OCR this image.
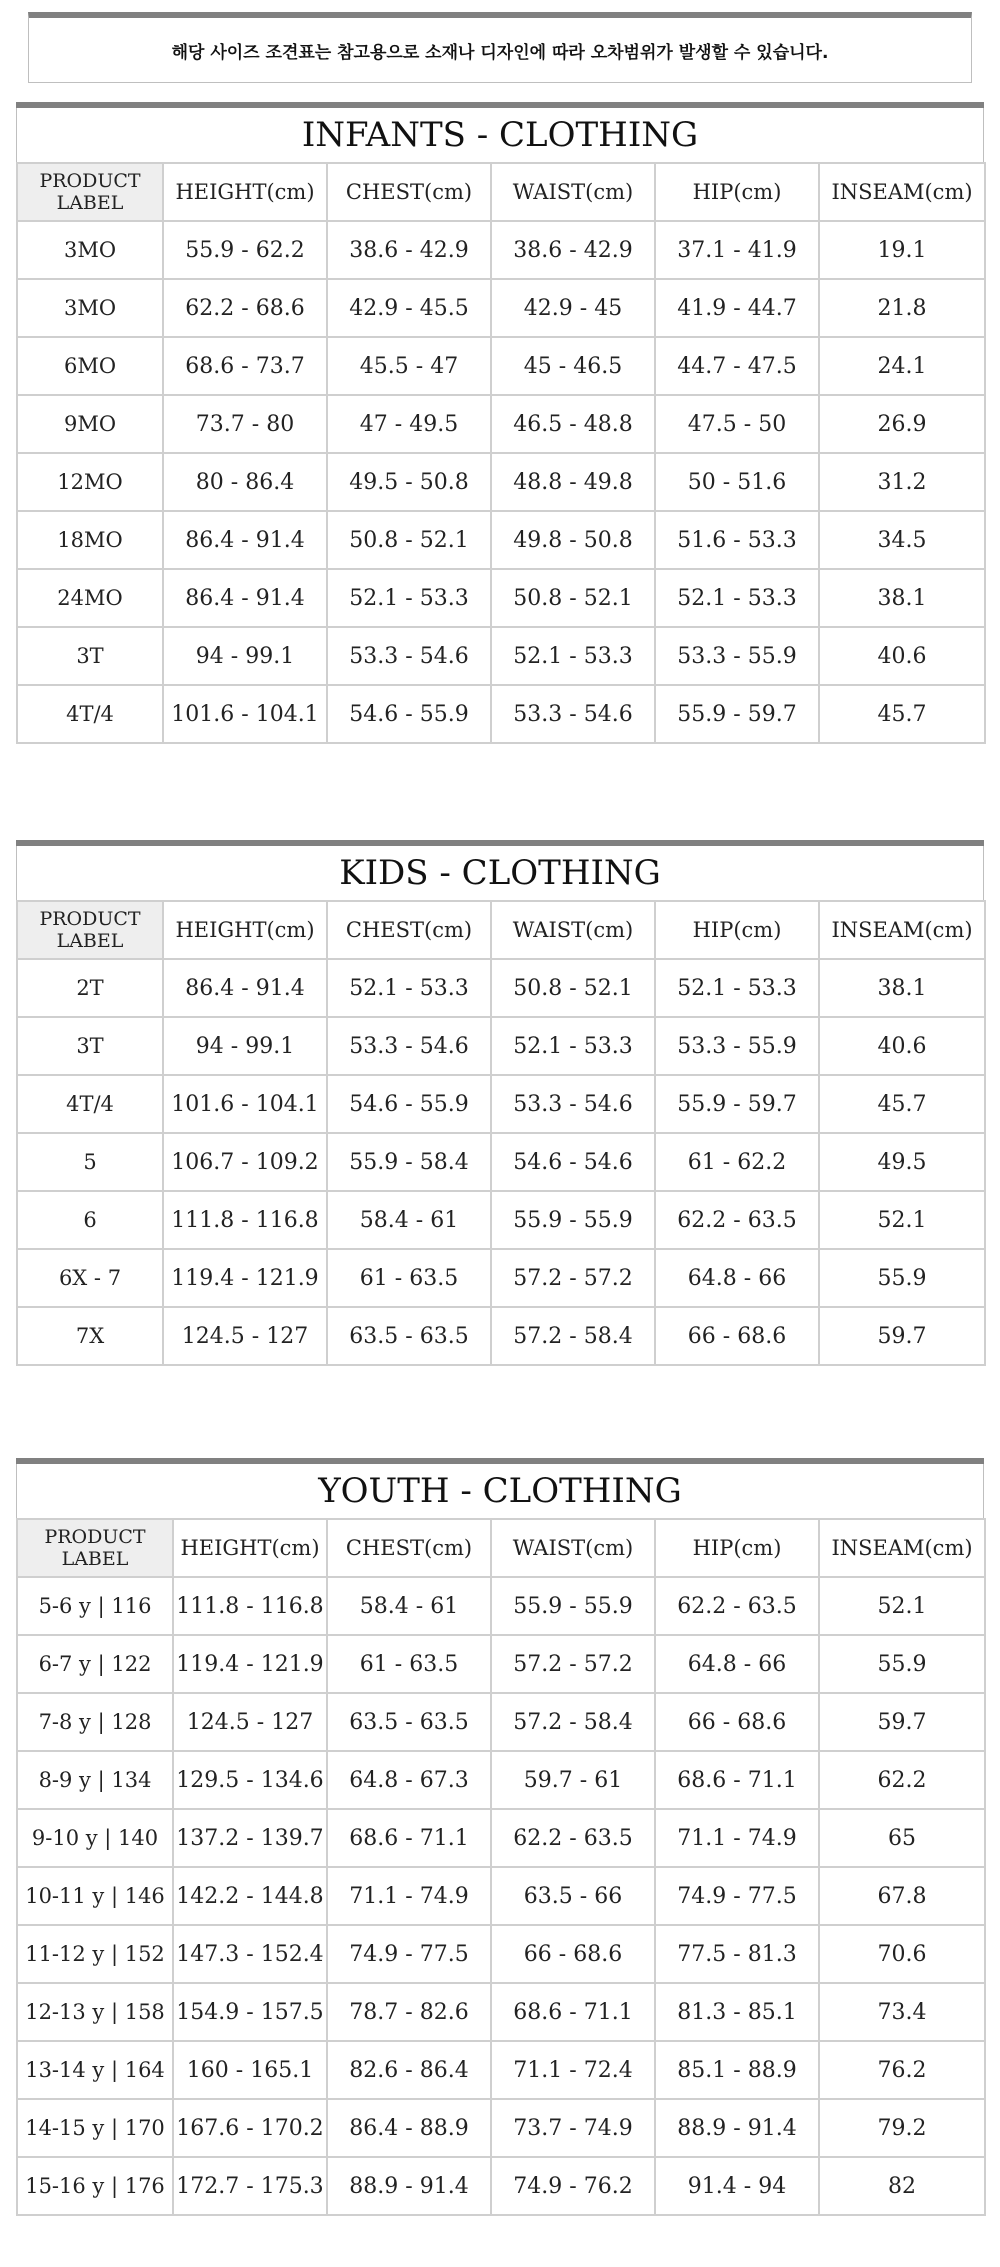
해당 사이즈 조견표는 참고용으로 소재나 디자인에 따라 오차범위가 발생할 수 있습니다.
INFANTS - CLOTHING
PRODUCT
LABEL	HEIGHT(cm)	CHEST(cm)	WAIST(cm)	HIP(cm)	INSEAM(cm)
3MO	55.9 - 62.2	38.6 - 42.9	38.6 - 42.9	37.1 - 41.9	19.1
3MO	62.2 - 68.6	42.9 - 45.5	42.9 - 45	41.9 - 44.7	21.8
6MO	68.6 - 73.7	45.5 - 47	45 - 46.5	44.7 - 47.5	24.1
9MO	73.7 - 80	47 - 49.5	46.5 - 48.8	47.5 - 50	26.9
12MO	80 - 86.4	49.5 - 50.8	48.8 - 49.8	50 - 51.6	31.2
18MO	86.4 - 91.4	50.8 - 52.1	49.8 - 50.8	51.6 - 53.3	34.5
24MO	86.4 - 91.4	52.1 - 53.3	50.8 - 52.1	52.1 - 53.3	38.1
3T	94 - 99.1	53.3 - 54.6	52.1 - 53.3	53.3 - 55.9	40.6
4T/4	101.6 - 104.1	54.6 - 55.9	53.3 - 54.6	55.9 - 59.7	45.7
KIDS - CLOTHING
PRODUCT
LABEL	HEIGHT(cm)	CHEST(cm)	WAIST(cm)	HIP(cm)	INSEAM(cm)
2T	86.4 - 91.4	52.1 - 53.3	50.8 - 52.1	52.1 - 53.3	38.1
3T	94 - 99.1	53.3 - 54.6	52.1 - 53.3	53.3 - 55.9	40.6
4T/4	101.6 - 104.1	54.6 - 55.9	53.3 - 54.6	55.9 - 59.7	45.7
5	106.7 - 109.2	55.9 - 58.4	54.6 - 54.6	61 - 62.2	49.5
6	111.8 - 116.8	58.4 - 61	55.9 - 55.9	62.2 - 63.5	52.1
6X - 7	119.4 - 121.9	61 - 63.5	57.2 - 57.2	64.8 - 66	55.9
7X	124.5 - 127	63.5 - 63.5	57.2 - 58.4	66 - 68.6	59.7
YOUTH - CLOTHING
PRODUCT
LABEL	HEIGHT(cm)	CHEST(cm)	WAIST(cm)	HIP(cm)	INSEAM(cm)
5-6 y | 116	111.8 - 116.8	58.4 - 61	55.9 - 55.9	62.2 - 63.5	52.1
6-7 y | 122	119.4 - 121.9	61 - 63.5	57.2 - 57.2	64.8 - 66	55.9
7-8 y | 128	124.5 - 127	63.5 - 63.5	57.2 - 58.4	66 - 68.6	59.7
8-9 y | 134	129.5 - 134.6	64.8 - 67.3	59.7 - 61	68.6 - 71.1	62.2
9-10 y | 140	137.2 - 139.7	68.6 - 71.1	62.2 - 63.5	71.1 - 74.9	65
10-11 y | 146	142.2 - 144.8	71.1 - 74.9	63.5 - 66	74.9 - 77.5	67.8
11-12 y | 152	147.3 - 152.4	74.9 - 77.5	66 - 68.6	77.5 - 81.3	70.6
12-13 y | 158	154.9 - 157.5	78.7 - 82.6	68.6 - 71.1	81.3 - 85.1	73.4
13-14 y | 164	160 - 165.1	82.6 - 86.4	71.1 - 72.4	85.1 - 88.9	76.2
14-15 y | 170	167.6 - 170.2	86.4 - 88.9	73.7 - 74.9	88.9 - 91.4	79.2
15-16 y | 176	172.7 - 175.3	88.9 - 91.4	74.9 - 76.2	91.4 - 94	82
